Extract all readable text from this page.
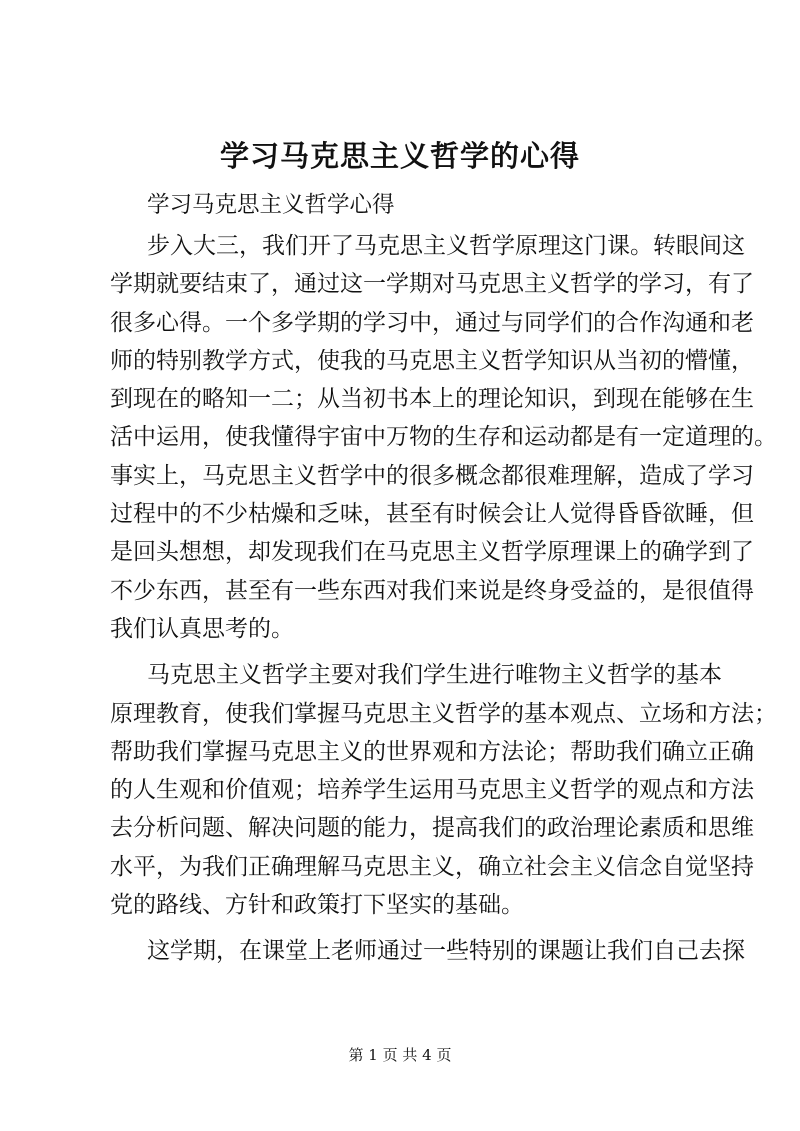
学习马克思主义哲学的心得

学习马克思主义哲学心得

步入大三，我们开了马克思主义哲学原理这门课。转眼间这

学期就要结束了，通过这一学期对马克思主义哲学的学习，有了

很多心得。一个多学期的学习中，通过与同学们的合作沟通和老

师的特别教学方式，使我的马克思主义哲学知识从当初的懵懂，

到现在的略知一二；从当初书本上的理论知识，到现在能够在生

活中运用，使我懂得宇宙中万物的生存和运动都是有一定道理的。

事实上，马克思主义哲学中的很多概念都很难理解，造成了学习

过程中的不少枯燥和乏味，甚至有时候会让人觉得昏昏欲睡，但

是回头想想，却发现我们在马克思主义哲学原理课上的确学到了

不少东西，甚至有一些东西对我们来说是终身受益的，是很值得

我们认真思考的。

马克思主义哲学主要对我们学生进行唯物主义哲学的基本

原理教育，使我们掌握马克思主义哲学的基本观点、立场和方法；

帮助我们掌握马克思主义的世界观和方法论；帮助我们确立正确

的人生观和价值观；培养学生运用马克思主义哲学的观点和方法

去分析问题、解决问题的能力，提高我们的政治理论素质和思维

水平，为我们正确理解马克思主义，确立社会主义信念自觉坚持

党的路线、方针和政策打下坚实的基础。

这学期，在课堂上老师通过一些特别的课题让我们自己去探

第 1 页 共 4 页
